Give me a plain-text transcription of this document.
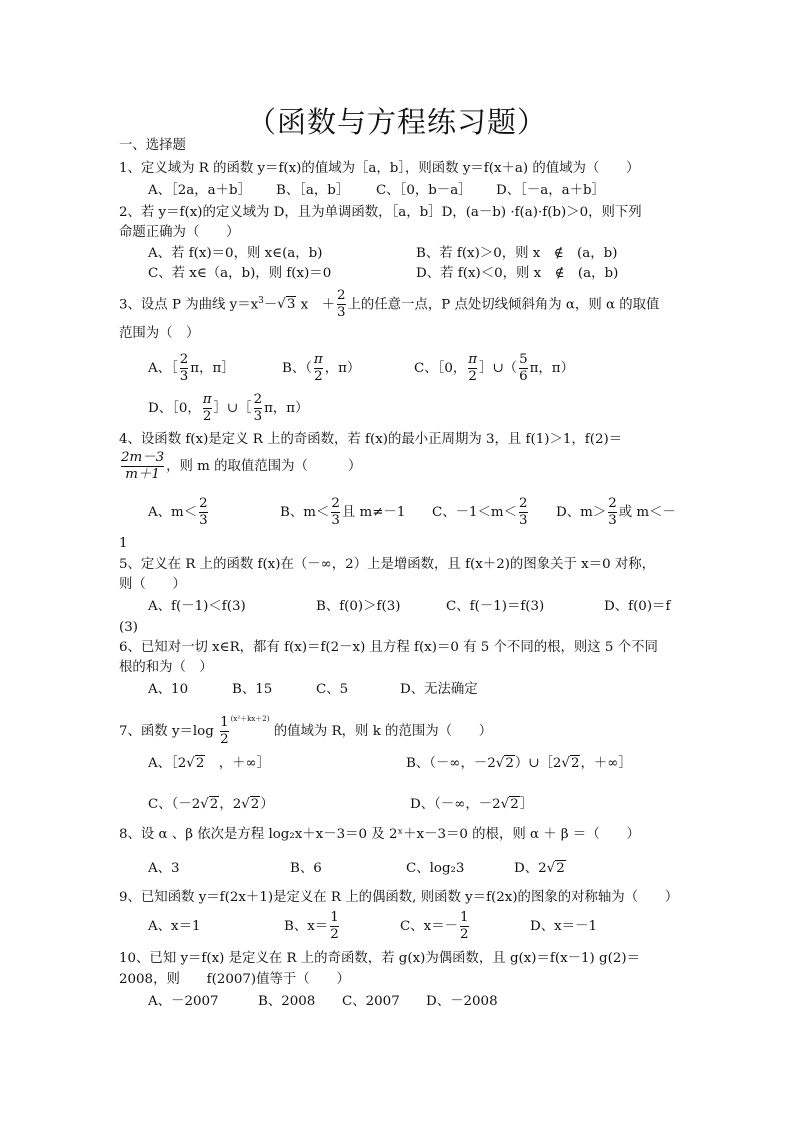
（函数与方程练习题）
一、选择题
1、定义域为 R 的函数 y＝f(x)的值域为［a，b］，则函数 y＝f(x＋a) 的值域为（　　）
A、［2a，a＋b］ B、［a，b］ C、［0，b－a］ D、［－a，a＋b］
2、若 y＝f(x)的定义域为 D，且为单调函数，［a，b］D，(a－b) ·f(a)·f(b)＞0，则下列
命题正确为（　　）
A、若 f(x)＝0，则 x∈(a，b)	B、若 f(x)＞0，则 x　∉　(a，b)
C、若 x∈（a，b)，则 f(x)＝0	D、若 f(x)＜0，则 x　∉　(a，b)
3、设点 P 为曲线 $y=x^3-√3$ x　＋ $\frac{2}{3}$ 上的任意一点，P 点处切线倾斜角为 α，则 α 的取值
范围为（　）
A、［ $\frac{2}{3}$ π，π］	B、（ $\frac{\pi}{2}$ ，π）	C、［0， $\frac{\pi}{2}$ ］∪（ $\frac{5}{6}$ π，π）
D、［0， $\frac{\pi}{2}$ ］∪［ $\frac{2}{3}$ π，π）
4、设函数 f(x)是定义 R 上的奇函数，若 f(x)的最小正周期为 3，且 f(1)＞1，f(2)＝
$\frac{2m-3}{m+1}$ ，则 m 的取值范围为（　　　）
A、$m< \frac{2}{3}$	B、$m< \frac{2}{3}$ 且 m≠－1 C、$-1<m< \frac{2}{3}$ D、$m> \frac{2}{3}$ 或 m＜－
1
5、定义在 R 上的函数 f(x)在（－∞，2）上是增函数，且 f(x＋2)的图象关于 x＝0 对称，
则（　　）
A、f(－1)＜f(3)	B、f(0)＞f(3)	C、f(－1)＝f(3)	D、f(0)＝f
(3)
6、已知对一切 x∈R，都有 f(x)＝f(2－x) 且方程 f(x)＝0 有 5 个不同的根，则这 5 个不同
根的和为（　）
A、10	B、15	C、5	D、无法确定
7、函数 $y=\log \frac{1}{2} ^{(x^2+kx+2)}$ 的值域为 R，则 k 的范围为（　　）
A、［2√2　，＋∞］	B、（－∞，－2√2）∪［2√2，＋∞］
C、（－2√2，2√2）	D、（－∞，－2√2］
8、设 α 、β 依次是方程 log₂x＋x－3＝0 及 2ˣ＋x－3＝0 的根，则 α ＋ β ＝（　　）
A、3	B、6	C、log₂3	D、2√2
9、已知函数 y＝f(2x＋1)是定义在 R 上的偶函数, 则函数 y＝f(2x)的图象的对称轴为（　　）
A、x＝1	B、$x= \frac{1}{2}$	C、$x=- \frac{1}{2}$	D、x＝－1
10、已知 y＝f(x) 是定义在 R 上的奇函数，若 g(x)为偶函数，且 g(x)＝f(x－1) g(2)＝
2008，则　　f(2007)值等于（　　）
A、－2007	B、2008 C、2007 D、－2008
